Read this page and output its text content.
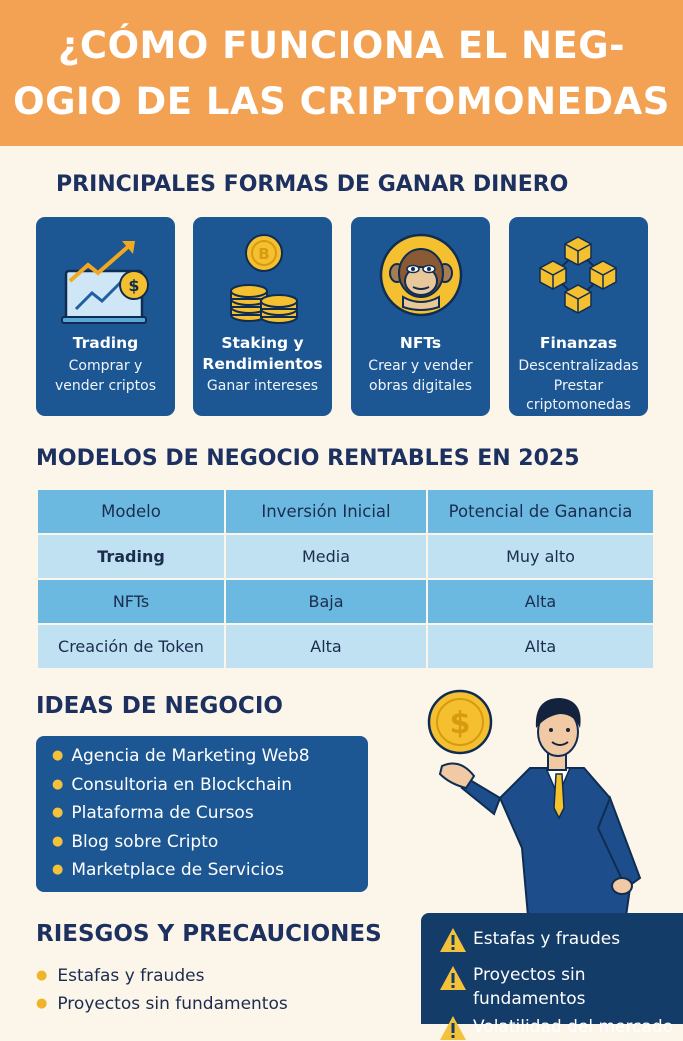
¿CÓMO FUNCIONA EL NEG-
OGIO DE LAS CRIPTOMONEDAS
PRINCIPALES FORMAS DE GANAR DINERO
$
Trading
Comprar y
vender criptos
B
Staking y
Rendimientos
Ganar intereses
NFTs
Crear y vender
obras digitales
Finanzas
Descentralizadas
Prestar
criptomonedas
MODELOS DE NEGOCIO RENTABLES EN 2025
Modelo	Inversión Inicial	Potencial de Ganancia
Trading	Media	Muy alto
NFTs	Baja	Alta
Creación de Token	Alta	Alta
IDEAS DE NEGOCIO
● Agencia de Marketing Web8
● Consultoria en Blockchain
● Plataforma de Cursos
● Blog sobre Cripto
● Marketplace de Servicios
$
RIESGOS Y PRECAUCIONES
● Estafas y fraudes
● Proyectos sin fundamentos
Estafas y fraudes
Proyectos sin
fundamentos
Volatilidad del mercado
